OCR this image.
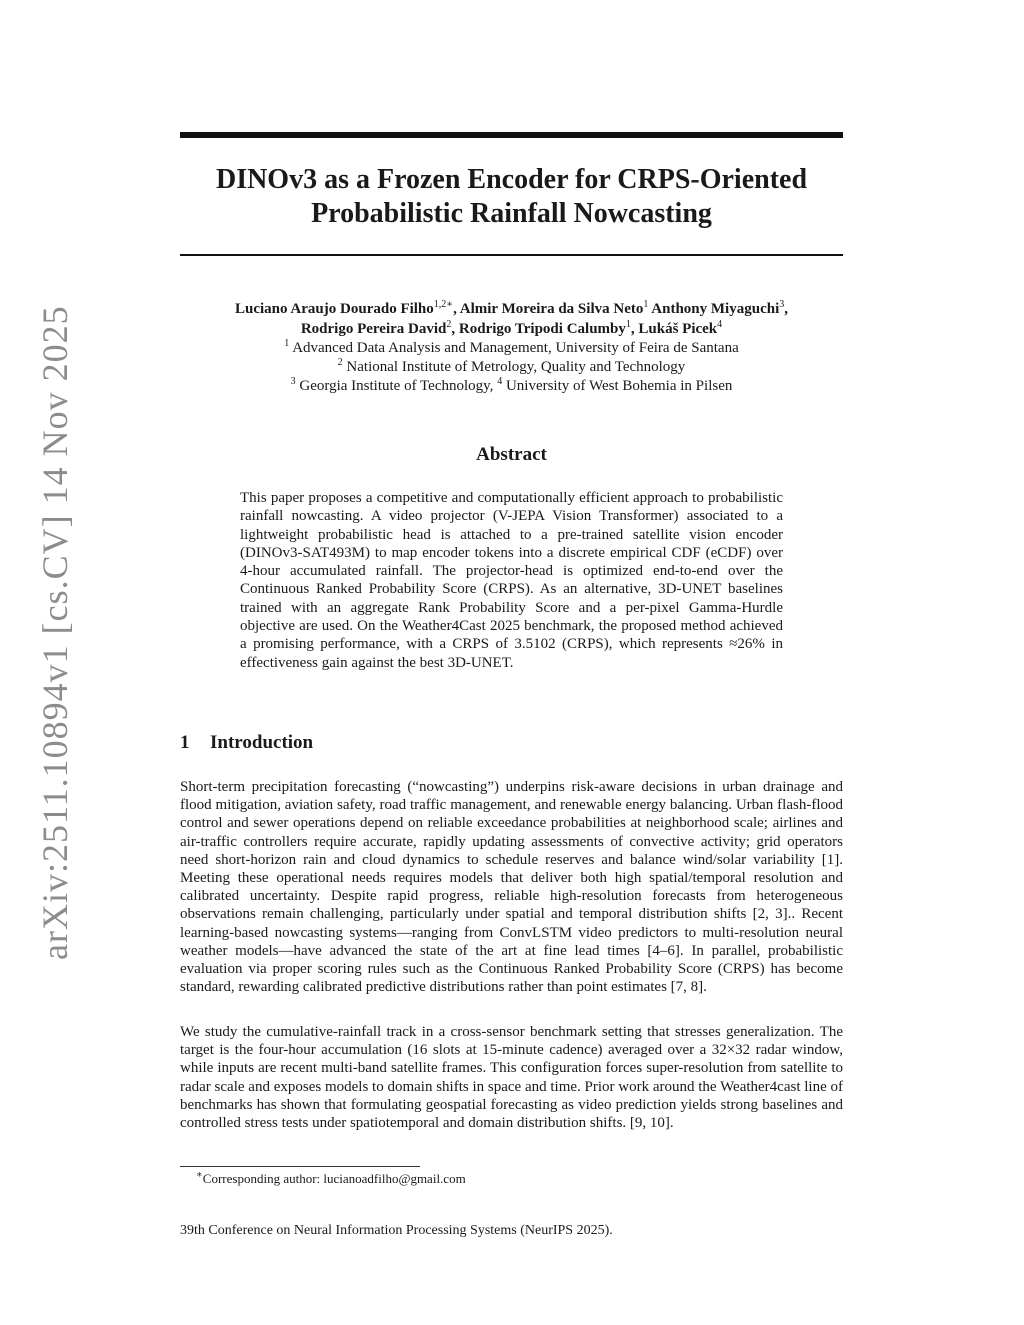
arXiv:2511.10894v1 [cs.CV] 14 Nov 2025
DINOv3 as a Frozen Encoder for CRPS-Oriented
Probabilistic Rainfall Nowcasting
Luciano Araujo Dourado Filho$^{1,2∗}$, Almir Moreira da Silva Neto$^1$ Anthony Miyaguchi$^3$,
Rodrigo Pereira David$^2$, Rodrigo Tripodi Calumby$^1$, Lukáš Picek$^4$
$^1$ Advanced Data Analysis and Management, University of Feira de Santana
$^2$ National Institute of Metrology, Quality and Technology
$^3$ Georgia Institute of Technology, $^4$ University of West Bohemia in Pilsen
Abstract
This paper proposes a competitive and computationally efficient approach to probabilistic rainfall nowcasting. A video projector (V-JEPA Vision Transformer) associated to a lightweight probabilistic head is attached to a pre-trained satellite vision encoder (DINOv3-SAT493M) to map encoder tokens into a discrete empirical CDF (eCDF) over 4-hour accumulated rainfall. The projector-head is optimized end-to-end over the Continuous Ranked Probability Score (CRPS). As an alternative, 3D-UNET baselines trained with an aggregate Rank Probability Score and a per-pixel Gamma-Hurdle objective are used. On the Weather4Cast 2025 benchmark, the proposed method achieved a promising performance, with a CRPS of 3.5102 (CRPS), which represents ≈26% in effectiveness gain against the best 3D-UNET.
1 Introduction

Short-term precipitation forecasting (“nowcasting”) underpins risk-aware decisions in urban drainage and flood mitigation, aviation safety, road traffic management, and renewable energy balancing. Urban flash-flood control and sewer operations depend on reliable exceedance probabilities at neighborhood scale; airlines and air-traffic controllers require accurate, rapidly updating assessments of convective activity; grid operators need short-horizon rain and cloud dynamics to schedule reserves and balance wind/solar variability [1]. Meeting these operational needs requires models that deliver both high spatial/temporal resolution and calibrated uncertainty. Despite rapid progress, reliable high-resolution forecasts from heterogeneous observations remain challenging, particularly under spatial and temporal distribution shifts [2, 3].. Recent learning-based nowcasting systems—ranging from ConvLSTM video predictors to multi-resolution neural weather models—have advanced the state of the art at fine lead times [4–6]. In parallel, probabilistic evaluation via proper scoring rules such as the Continuous Ranked Probability Score (CRPS) has become standard, rewarding calibrated predictive distributions rather than point estimates [7, 8].

We study the cumulative-rainfall track in a cross-sensor benchmark setting that stresses generalization. The target is the four-hour accumulation (16 slots at 15-minute cadence) averaged over a 32×32 radar window, while inputs are recent multi-band satellite frames. This configuration forces super-resolution from satellite to radar scale and exposes models to domain shifts in space and time. Prior work around the Weather4cast line of benchmarks has shown that formulating geospatial forecasting as video prediction yields strong baselines and controlled stress tests under spatiotemporal and domain distribution shifts. [9, 10].

∗Corresponding author: lucianoadfilho@gmail.com
39th Conference on Neural Information Processing Systems (NeurIPS 2025).
